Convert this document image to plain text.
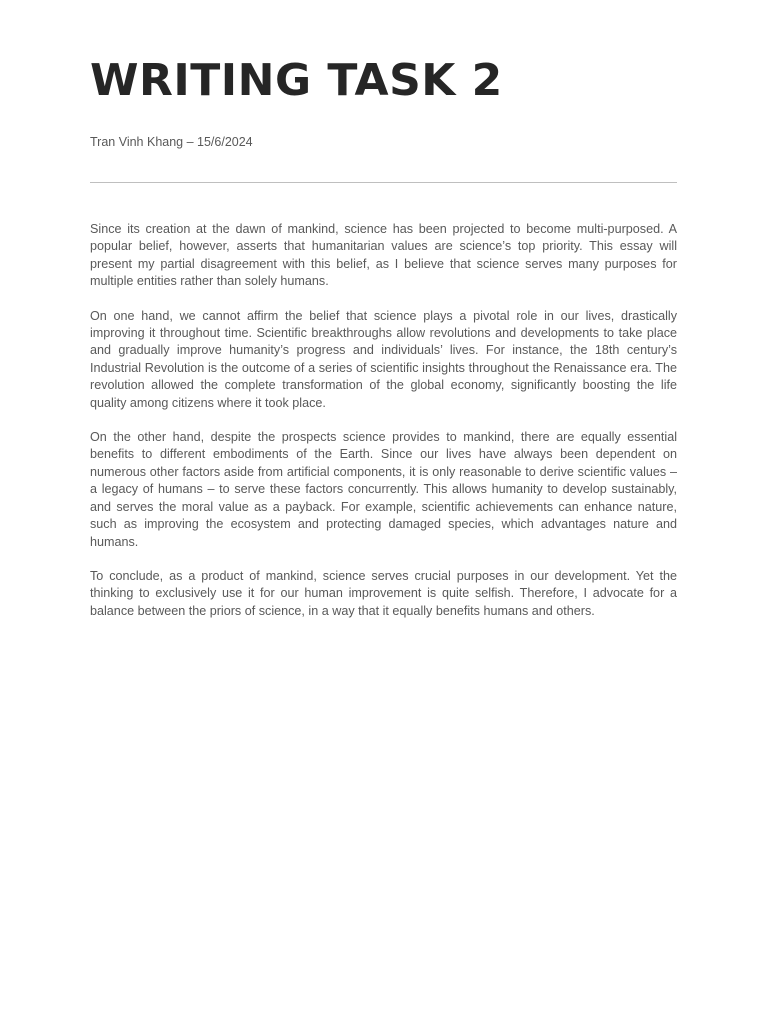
WRITING TASK 2
Tran Vinh Khang – 15/6/2024

Since its creation at the dawn of mankind, science has been projected to become multi-purposed. A popular belief, however, asserts that humanitarian values are science’s top priority. This essay will present my partial disagreement with this belief, as I believe that science serves many purposes for multiple entities rather than solely humans.

On one hand, we cannot affirm the belief that science plays a pivotal role in our lives, drastically improving it throughout time. Scientific breakthroughs allow revolutions and developments to take place and gradually improve humanity’s progress and individuals’ lives. For instance, the 18th century’s Industrial Revolution is the outcome of a series of scientific insights throughout the Renaissance era. The revolution allowed the complete transformation of the global economy, significantly boosting the life quality among citizens where it took place.

On the other hand, despite the prospects science provides to mankind, there are equally essential benefits to different embodiments of the Earth. Since our lives have always been dependent on numerous other factors aside from artificial components, it is only reasonable to derive scientific values – a legacy of humans – to serve these factors concurrently. This allows humanity to develop sustainably, and serves the moral value as a payback. For example, scientific achievements can enhance nature, such as improving the ecosystem and protecting damaged species, which advantages nature and humans.

To conclude, as a product of mankind, science serves crucial purposes in our development. Yet the thinking to exclusively use it for our human improvement is quite selfish. Therefore, I advocate for a balance between the priors of science, in a way that it equally benefits humans and others.
